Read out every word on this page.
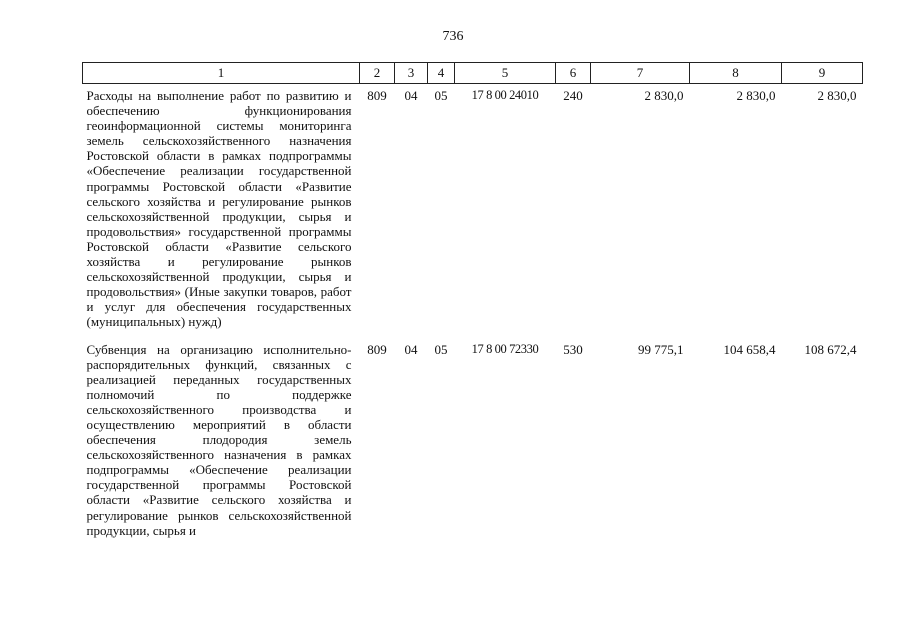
736
1	2	3	4	5	6	7	8	9
Расходы на выполнение работ по развитию и обеспечению функционирования геоинформационной системы мониторинга земель сельскохозяйственного назначения Ростовской области в рамках подпрограммы «Обеспечение реализации государственной программы Ростовской области «Развитие сельского хозяйства и регулирование рынков сельскохозяйственной продукции, сырья и продовольствия» государственной программы Ростовской области «Развитие сельского хозяйства и регулирование рынков сельскохозяйственной продукции, сырья и продовольствия» (Иные закупки товаров, работ и услуг для обеспечения государственных (муниципальных) нужд)	809	04	05	17 8 00 24010	240	2 830,0	2 830,0	2 830,0
Субвенция на организацию исполнительно-распорядительных функций, связанных с реализацией переданных государственных полномочий по поддержке сельскохозяйственного производства и осуществлению мероприятий в области обеспечения плодородия земель сельскохозяйственного назначения в рамках подпрограммы «Обеспечение реализации государственной программы Ростовской области «Развитие сельского хозяйства и регулирование рынков сельскохозяйственной продукции, сырья и	809	04	05	17 8 00 72330	530	99 775,1	104 658,4	108 672,4
